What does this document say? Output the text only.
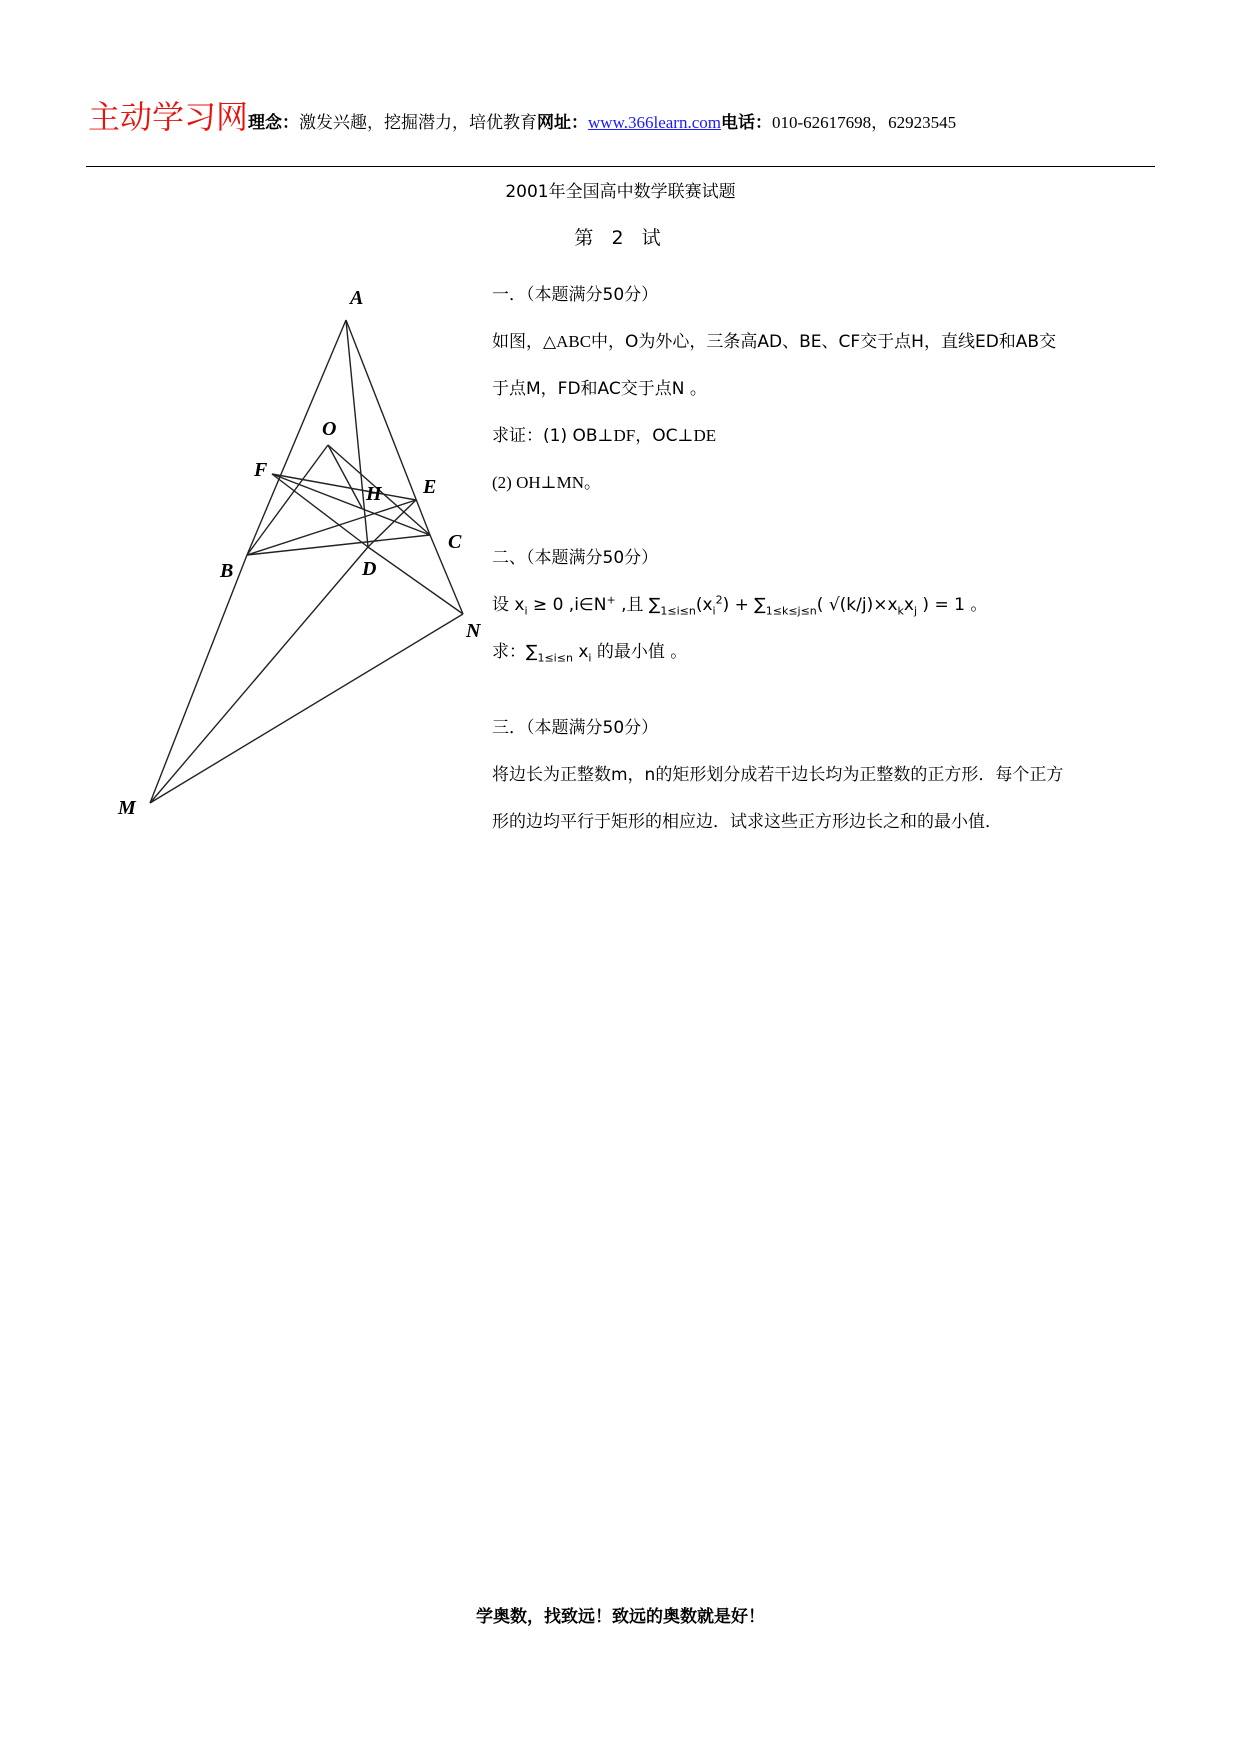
主动学习网理念：激发兴趣，挖掘潜力，培优教育网址：www.366learn.com电话：010-62617698，62923545
2001年全国高中数学联赛试题
第 2 试
A
O
F
H E
C
B	D
N
M
一．（本题满分50分）
如图，△ABC中，O为外心，三条高AD、BE、CF交于点H，直线ED和AB交
于点M，FD和AC交于点N 。
求证：(1) OB⊥DF，OC⊥DE
(2) OH⊥MN。
二、（本题满分50分）
设 $x_i \ge 0$ ,i∈N+ ,且 $\sum_{1\le i\le n}(x_i^2) + \sum_{1\le k\le j\le n}$( $√(k/j)\times x_kx_j$ ) = 1 。
求：$\sum_{1\le i\le n}$ $x_i$ 的最小值 。
三．（本题满分50分）
将边长为正整数m，n的矩形划分成若干边长均为正整数的正方形．每个正方
形的边均平行于矩形的相应边．试求这些正方形边长之和的最小值．
学奥数，找致远！致远的奥数就是好！
